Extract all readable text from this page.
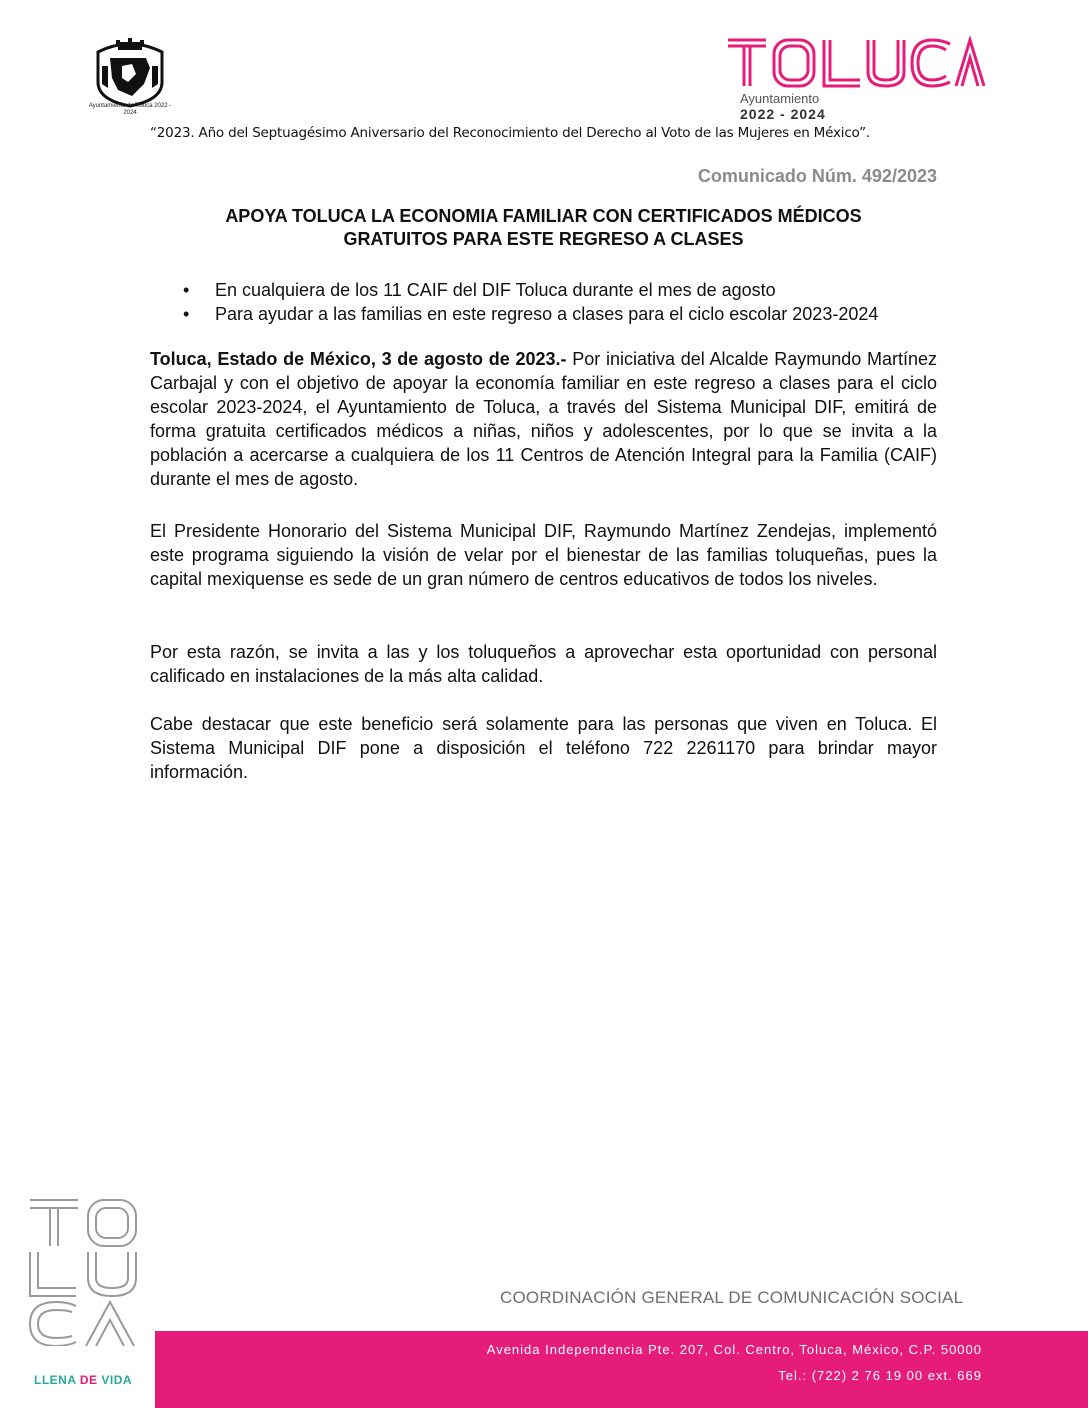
Ayuntamiento de Toluca 2022 - 2024
Ayuntamiento
2022 - 2024
“2023. Año del Septuagésimo Aniversario del Reconocimiento del Derecho al Voto de las Mujeres en México”.
Comunicado Núm. 492/2023
APOYA TOLUCA LA ECONOMIA FAMILIAR CON CERTIFICADOS MÉDICOS
GRATUITOS PARA ESTE REGRESO A CLASES
• En cualquiera de los 11 CAIF del DIF Toluca durante el mes de agosto
• Para ayudar a las familias en este regreso a clases para el ciclo escolar 2023-2024

Toluca, Estado de México, 3 de agosto de 2023.- Por iniciativa del Alcalde Raymundo Martínez Carbajal y con el objetivo de apoyar la economía familiar en este regreso a clases para el ciclo escolar 2023-2024, el Ayuntamiento de Toluca, a través del Sistema Municipal DIF, emitirá de forma gratuita certificados médicos a niñas, niños y adolescentes, por lo que se invita a la población a acercarse a cualquiera de los 11 Centros de Atención Integral para la Familia (CAIF) durante el mes de agosto.

El Presidente Honorario del Sistema Municipal DIF, Raymundo Martínez Zendejas, implementó este programa siguiendo la visión de velar por el bienestar de las familias toluqueñas, pues la capital mexiquense es sede de un gran número de centros educativos de todos los niveles.

Por esta razón, se invita a las y los toluqueños a aprovechar esta oportunidad con personal calificado en instalaciones de la más alta calidad.

Cabe destacar que este beneficio será solamente para las personas que viven en Toluca. El Sistema Municipal DIF pone a disposición el teléfono 722 2261170 para brindar mayor información.

LLENA DE VIDA
COORDINACIÓN GENERAL DE COMUNICACIÓN SOCIAL
Avenida Independencia Pte. 207, Col. Centro, Toluca, México, C.P. 50000
Tel.: (722) 2 76 19 00 ext. 669
